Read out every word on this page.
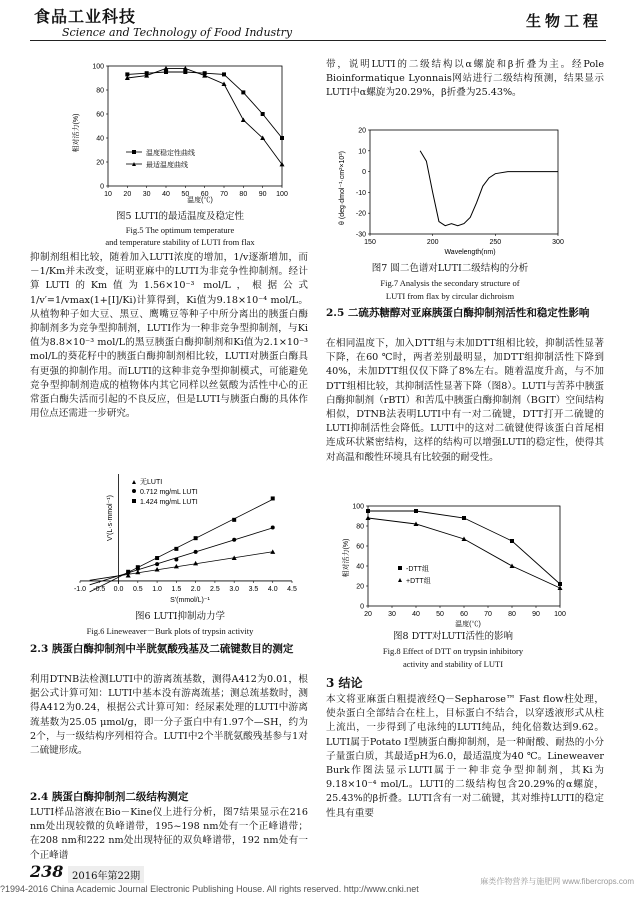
食品工业科技
Science and Technology of Food Industry
生物工程
相对活力(%)
温度(℃)
10 20 30 40 50 60 70 80 90 100
0
20
40
60
80
100
温度稳定性曲线
最适温度曲线
图5 LUTI的最适温度及稳定性
Fig.5 The optimum temperature
and temperature stability of LUTI from flax
抑制剂组相比较，随着加入LUTI浓度的增加，1/v逐渐增加，而－1/Km并未改变，证明亚麻中的LUTI为非竞争性抑制剂。经计算LUTI的Km值为1.56×10⁻³ mol/L，根据公式1/v′=1/vmax(1+[I]/Ki)计算得到，Ki值为9.18×10⁻⁴ mol/L。从植物种子如大豆、黑豆、鹰嘴豆等种子中所分离出的胰蛋白酶抑制剂多为竞争型抑制剂，LUTI作为一种非竞争型抑制剂，与Ki值为8.8×10⁻³ mol/L的黑豆胰蛋白酶抑制剂和Ki值为2.1×10⁻³ mol/L的葵花籽中的胰蛋白酶抑制剂相比较，LUTI对胰蛋白酶具有更强的抑制作用。而LUTI的这种非竞争型抑制模式，可能避免竞争型抑制剂造成的植物体内其它同样以丝氨酸为活性中心的正常蛋白酶失活而引起的不良反应，但是LUTI与胰蛋白酶的具体作用位点还需进一步研究。
V'(L·s·mmol⁻¹)
S'(mmol/L)⁻¹
-1.0 -0.5 0.0 0.5 1.0 1.5 2.0 2.5 3.0 3.5 4.0 4.5
无LUTI
0.712 mg/mL LUTI
1.424 mg/mL LUTI
图6 LUTI抑制动力学
Fig.6 Lineweaver－Burk plots of trypsin activity
2.3 胰蛋白酶抑制剂中半胱氨酸残基及二硫键数目的测定
利用DTNB法检测LUTI中的游离巯基数，测得A412为0.01，根据公式计算可知：LUTI中基本没有游离巯基；测总巯基数时，测得A412为0.24，根据公式计算可知：经尿素处理的LUTI中游离巯基数为25.05 μmol/g，即一分子蛋白中有1.97个—SH，约为2个，与一级结构序列相符合。LUTI中2个半胱氨酸残基参与1对二硫键形成。
2.4 胰蛋白酶抑制剂二级结构测定
LUTI样品溶液在Bio－Kine仪上进行分析，图7结果显示在216 nm处出现较微的负峰谱带，195~198 nm处有一个正峰谱带；在208 nm和222 nm处出现特征的双负峰谱带，192 nm处有一个正峰谱
带，说明LUTI的二级结构以α螺旋和β折叠为主。经Pole Bioinformatique Lyonnais网站进行二级结构预测，结果显示LUTI中α螺旋为20.29%，β折叠为25.43%。
θ (deg·dmol⁻¹·cm²×10³)
Wavelength(nm)
150	200	250	300
-30
-20
-10
0
10
20
图7 圆二色谱对LUTI二级结构的分析
Fig.7 Analysis the secondary structure of
LUTI from flax by circular dichroism
2.5 二硫苏糖醇对亚麻胰蛋白酶抑制剂活性和稳定性影响
在相同温度下，加入DTT组与未加DTT组相比较，抑制活性显著下降，在60 ℃时，两者差别最明显，加DTT组抑制活性下降到40%，未加DTT组仅仅下降了8%左右。随着温度升高，与不加DTT组相比较，其抑制活性显著下降（图8）。LUTI与苦荞中胰蛋白酶抑制剂（rBTI）和苦瓜中胰蛋白酶抑制剂（BGIT）空间结构相似，DTNB法表明LUTI中有一对二硫键，DTT打开二硫键的LUTI抑制活性会降低。LUTI中的这对二硫键使得该蛋白首尾相连成环状紧密结构，这样的结构可以增强LUTI的稳定性，使得其对高温和酸性环境具有比较强的耐受性。
相对活力(%)
温度(℃)
20 30 40 50 60 70 80 90 100
0
20
40
60
80
100
-DTT组
+DTT组
图8 DTT对LUTI活性的影响
Fig.8 Effect of DTT on trypsin inhibitory
activity and stability of LUTI
3 结论
本文将亚麻蛋白粗提液经Q－Sepharose™ Fast flow柱处理，使杂蛋白全部结合在柱上，目标蛋白不结合，以穿透液形式从柱上流出，一步得到了电泳纯的LUTI纯品，纯化倍数达到9.62。LUTI属于Potato I型胰蛋白酶抑制剂，是一种耐酸、耐热的小分子量蛋白质，其最适pH为6.0，最适温度为40 ℃。Lineweaver Burk作图法显示LUTI属于一种非竞争型抑制剂，其Ki为9.18×10⁻⁴ mol/L。LUTI的二级结构包含20.29%的α螺旋，25.43%的β折叠。LUTI含有一对二硫键，其对维持LUTI的稳定性具有重要
238 2016年第22期
?1994-2016 China Academic Journal Electronic Publishing House. All rights reserved. http://www.cnki.net
麻类作物营养与施肥网 www.fibercrops.com
